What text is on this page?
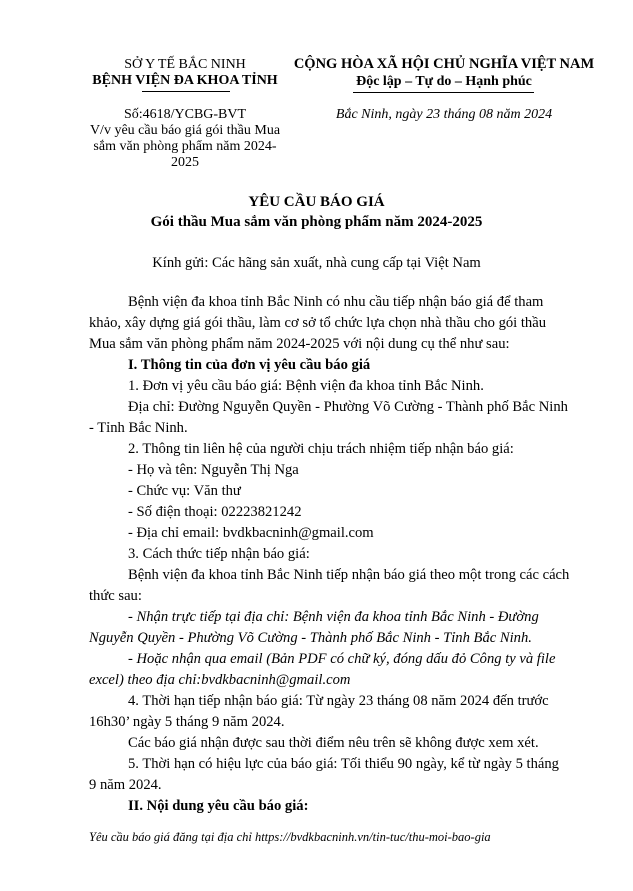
SỞ Y TẾ BẮC NINH
BỆNH VIỆN ĐA KHOA TỈNH
Số:4618/YCBG-BVT
V/v yêu cầu báo giá gói thầu Mua
sắm văn phòng phẩm năm 2024-
2025
CỘNG HÒA XÃ HỘI CHỦ NGHĨA VIỆT NAM
Độc lập – Tự do – Hạnh phúc
Bắc Ninh, ngày 23 tháng 08 năm 2024
YÊU CẦU BÁO GIÁ
Gói thầu Mua sắm văn phòng phẩm năm 2024-2025
Kính gửi: Các hãng sản xuất, nhà cung cấp tại Việt Nam
Bệnh viện đa khoa tỉnh Bắc Ninh có nhu cầu tiếp nhận báo giá để tham
khảo, xây dựng giá gói thầu, làm cơ sở tổ chức lựa chọn nhà thầu cho gói thầu
Mua sắm văn phòng phẩm năm 2024-2025 với nội dung cụ thể như sau:
I. Thông tin của đơn vị yêu cầu báo giá
1. Đơn vị yêu cầu báo giá: Bệnh viện đa khoa tỉnh Bắc Ninh.
Địa chỉ: Đường Nguyễn Quyền - Phường Võ Cường - Thành phố Bắc Ninh
- Tỉnh Bắc Ninh.
2. Thông tin liên hệ của người chịu trách nhiệm tiếp nhận báo giá:
- Họ và tên: Nguyễn Thị Nga
- Chức vụ: Văn thư
- Số điện thoại: 02223821242
- Địa chỉ email: bvdkbacninh@gmail.com
3. Cách thức tiếp nhận báo giá:
Bệnh viện đa khoa tỉnh Bắc Ninh tiếp nhận báo giá theo một trong các cách
thức sau:
- Nhận trực tiếp tại địa chỉ: Bệnh viện đa khoa tỉnh Bắc Ninh - Đường
Nguyễn Quyền - Phường Võ Cường - Thành phố Bắc Ninh - Tỉnh Bắc Ninh.
- Hoặc nhận qua email (Bản PDF có chữ ký, đóng dấu đỏ Công ty và file
excel) theo địa chỉ:bvdkbacninh@gmail.com
4. Thời hạn tiếp nhận báo giá: Từ ngày 23 tháng 08 năm 2024 đến trước
16h30’ ngày 5 tháng 9 năm 2024.
Các báo giá nhận được sau thời điểm nêu trên sẽ không được xem xét.
5. Thời hạn có hiệu lực của báo giá: Tối thiểu 90 ngày, kể từ ngày 5 tháng
9 năm 2024.
II. Nội dung yêu cầu báo giá:
Yêu cầu báo giá đăng tại địa chỉ https://bvdkbacninh.vn/tin-tuc/thu-moi-bao-gia
